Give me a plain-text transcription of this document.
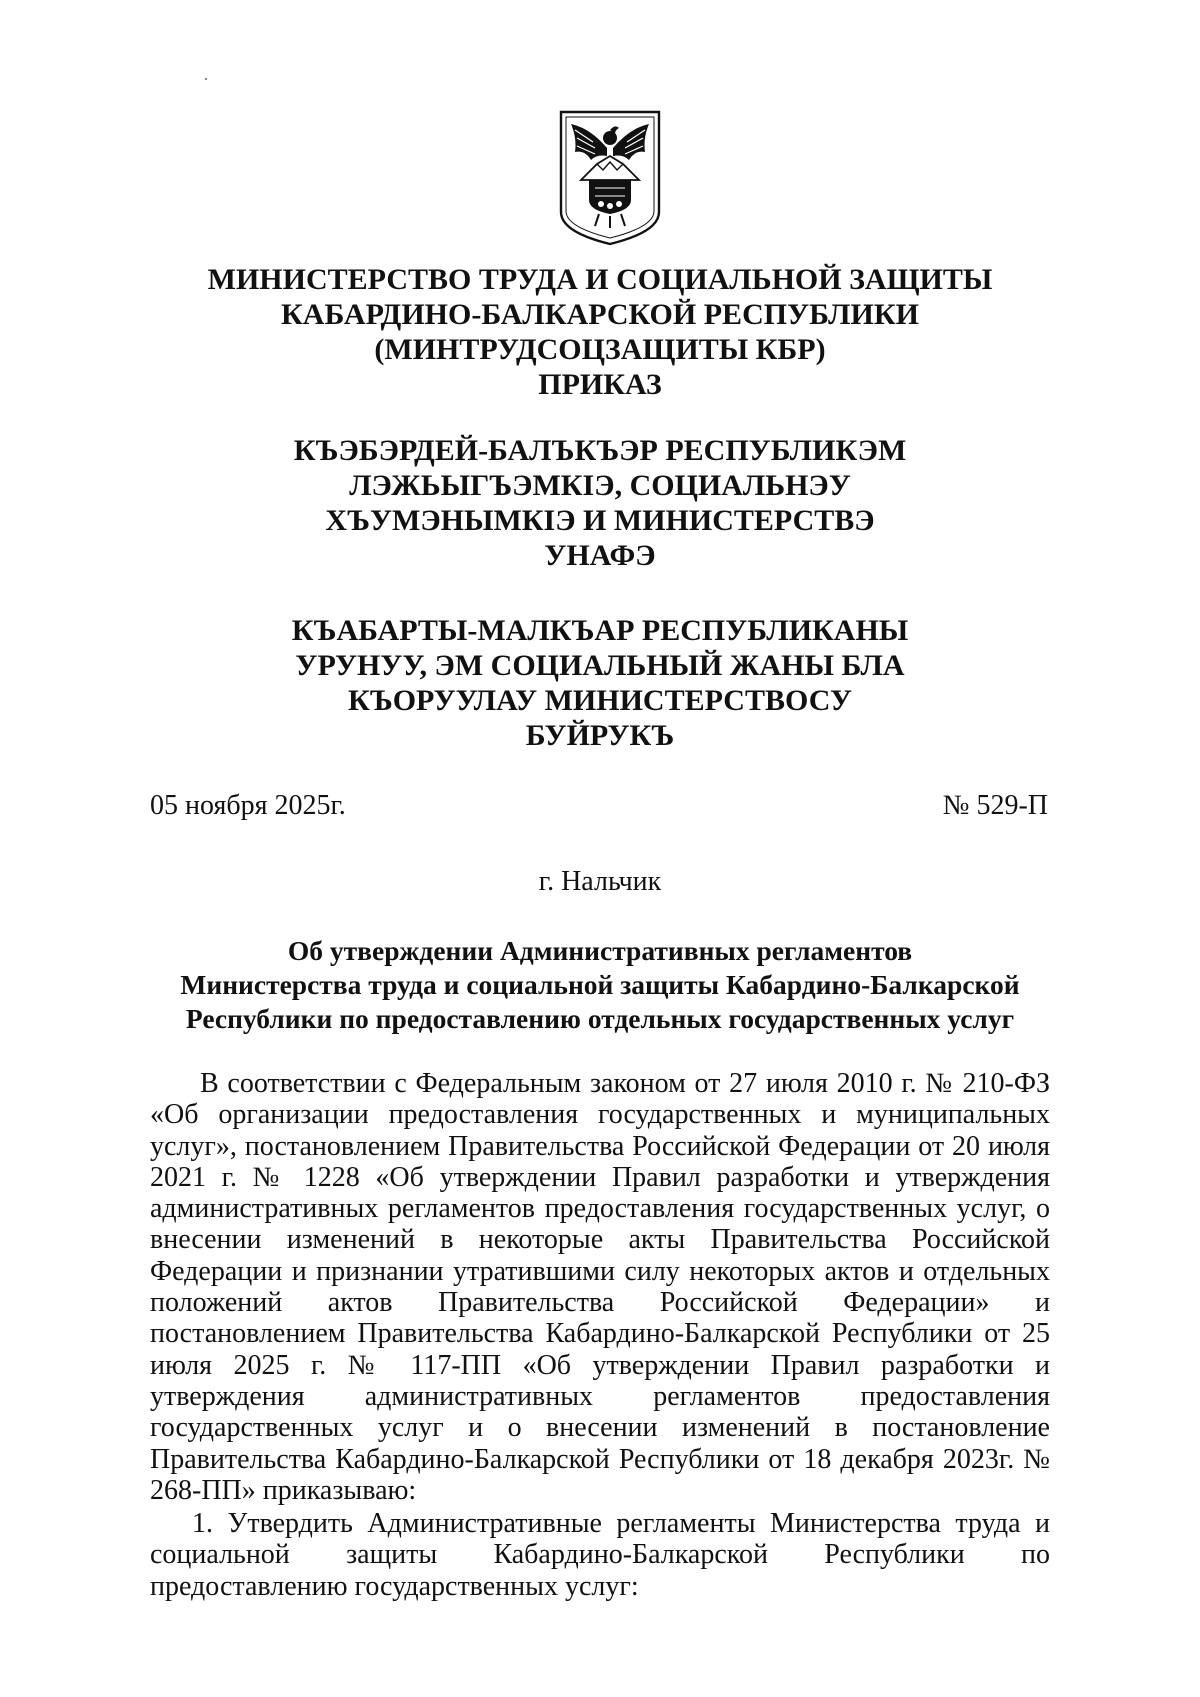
МИНИСТЕРСТВО ТРУДА И СОЦИАЛЬНОЙ ЗАЩИТЫ
КАБАРДИНО-БАЛКАРСКОЙ РЕСПУБЛИКИ
(МИНТРУДСОЦЗАЩИТЫ КБР)
ПРИКАЗ
КЪЭБЭРДЕЙ-БАЛЪКЪЭР РЕСПУБЛИКЭМ
ЛЭЖЬЫГЪЭМКIЭ, СОЦИАЛЬНЭУ
ХЪУМЭНЫМКIЭ И МИНИСТЕРСТВЭ
УНАФЭ
КЪАБАРТЫ-МАЛКЪАР РЕСПУБЛИКАНЫ
УРУНУУ, ЭМ СОЦИАЛЬНЫЙ ЖАНЫ БЛА
КЪОРУУЛАУ МИНИСТЕРСТВОСУ
БУЙРУКЪ
05 ноября 2025г.	№ 529-П
г. Нальчик
Об утверждении Административных регламентов
Министерства труда и социальной защиты Кабардино-Балкарской
Республики по предоставлению отдельных государственных услуг

В соответствии с Федеральным законом от 27 июля 2010 г. № 210-ФЗ «Об организации предоставления государственных и муниципальных услуг», постановлением Правительства Российской Федерации от 20 июля 2021 г. № 1228 «Об утверждении Правил разработки и утверждения административных регламентов предоставления государственных услуг, о внесении изменений в некоторые акты Правительства Российской Федерации и признании утратившими силу некоторых актов и отдельных положений актов Правительства Российской Федерации» и постановлением Правительства Кабардино-Балкарской Республики от 25 июля 2025 г. № 117-ПП «Об утверждении Правил разработки и утверждения административных регламентов предоставления государственных услуг и о внесении изменений в постановление Правительства Кабардино-Балкарской Республики от 18 декабря 2023г. № 268-ПП» приказываю:

1. Утвердить Административные регламенты Министерства труда и социальной защиты Кабардино-Балкарской Республики по предоставлению государственных услуг:
